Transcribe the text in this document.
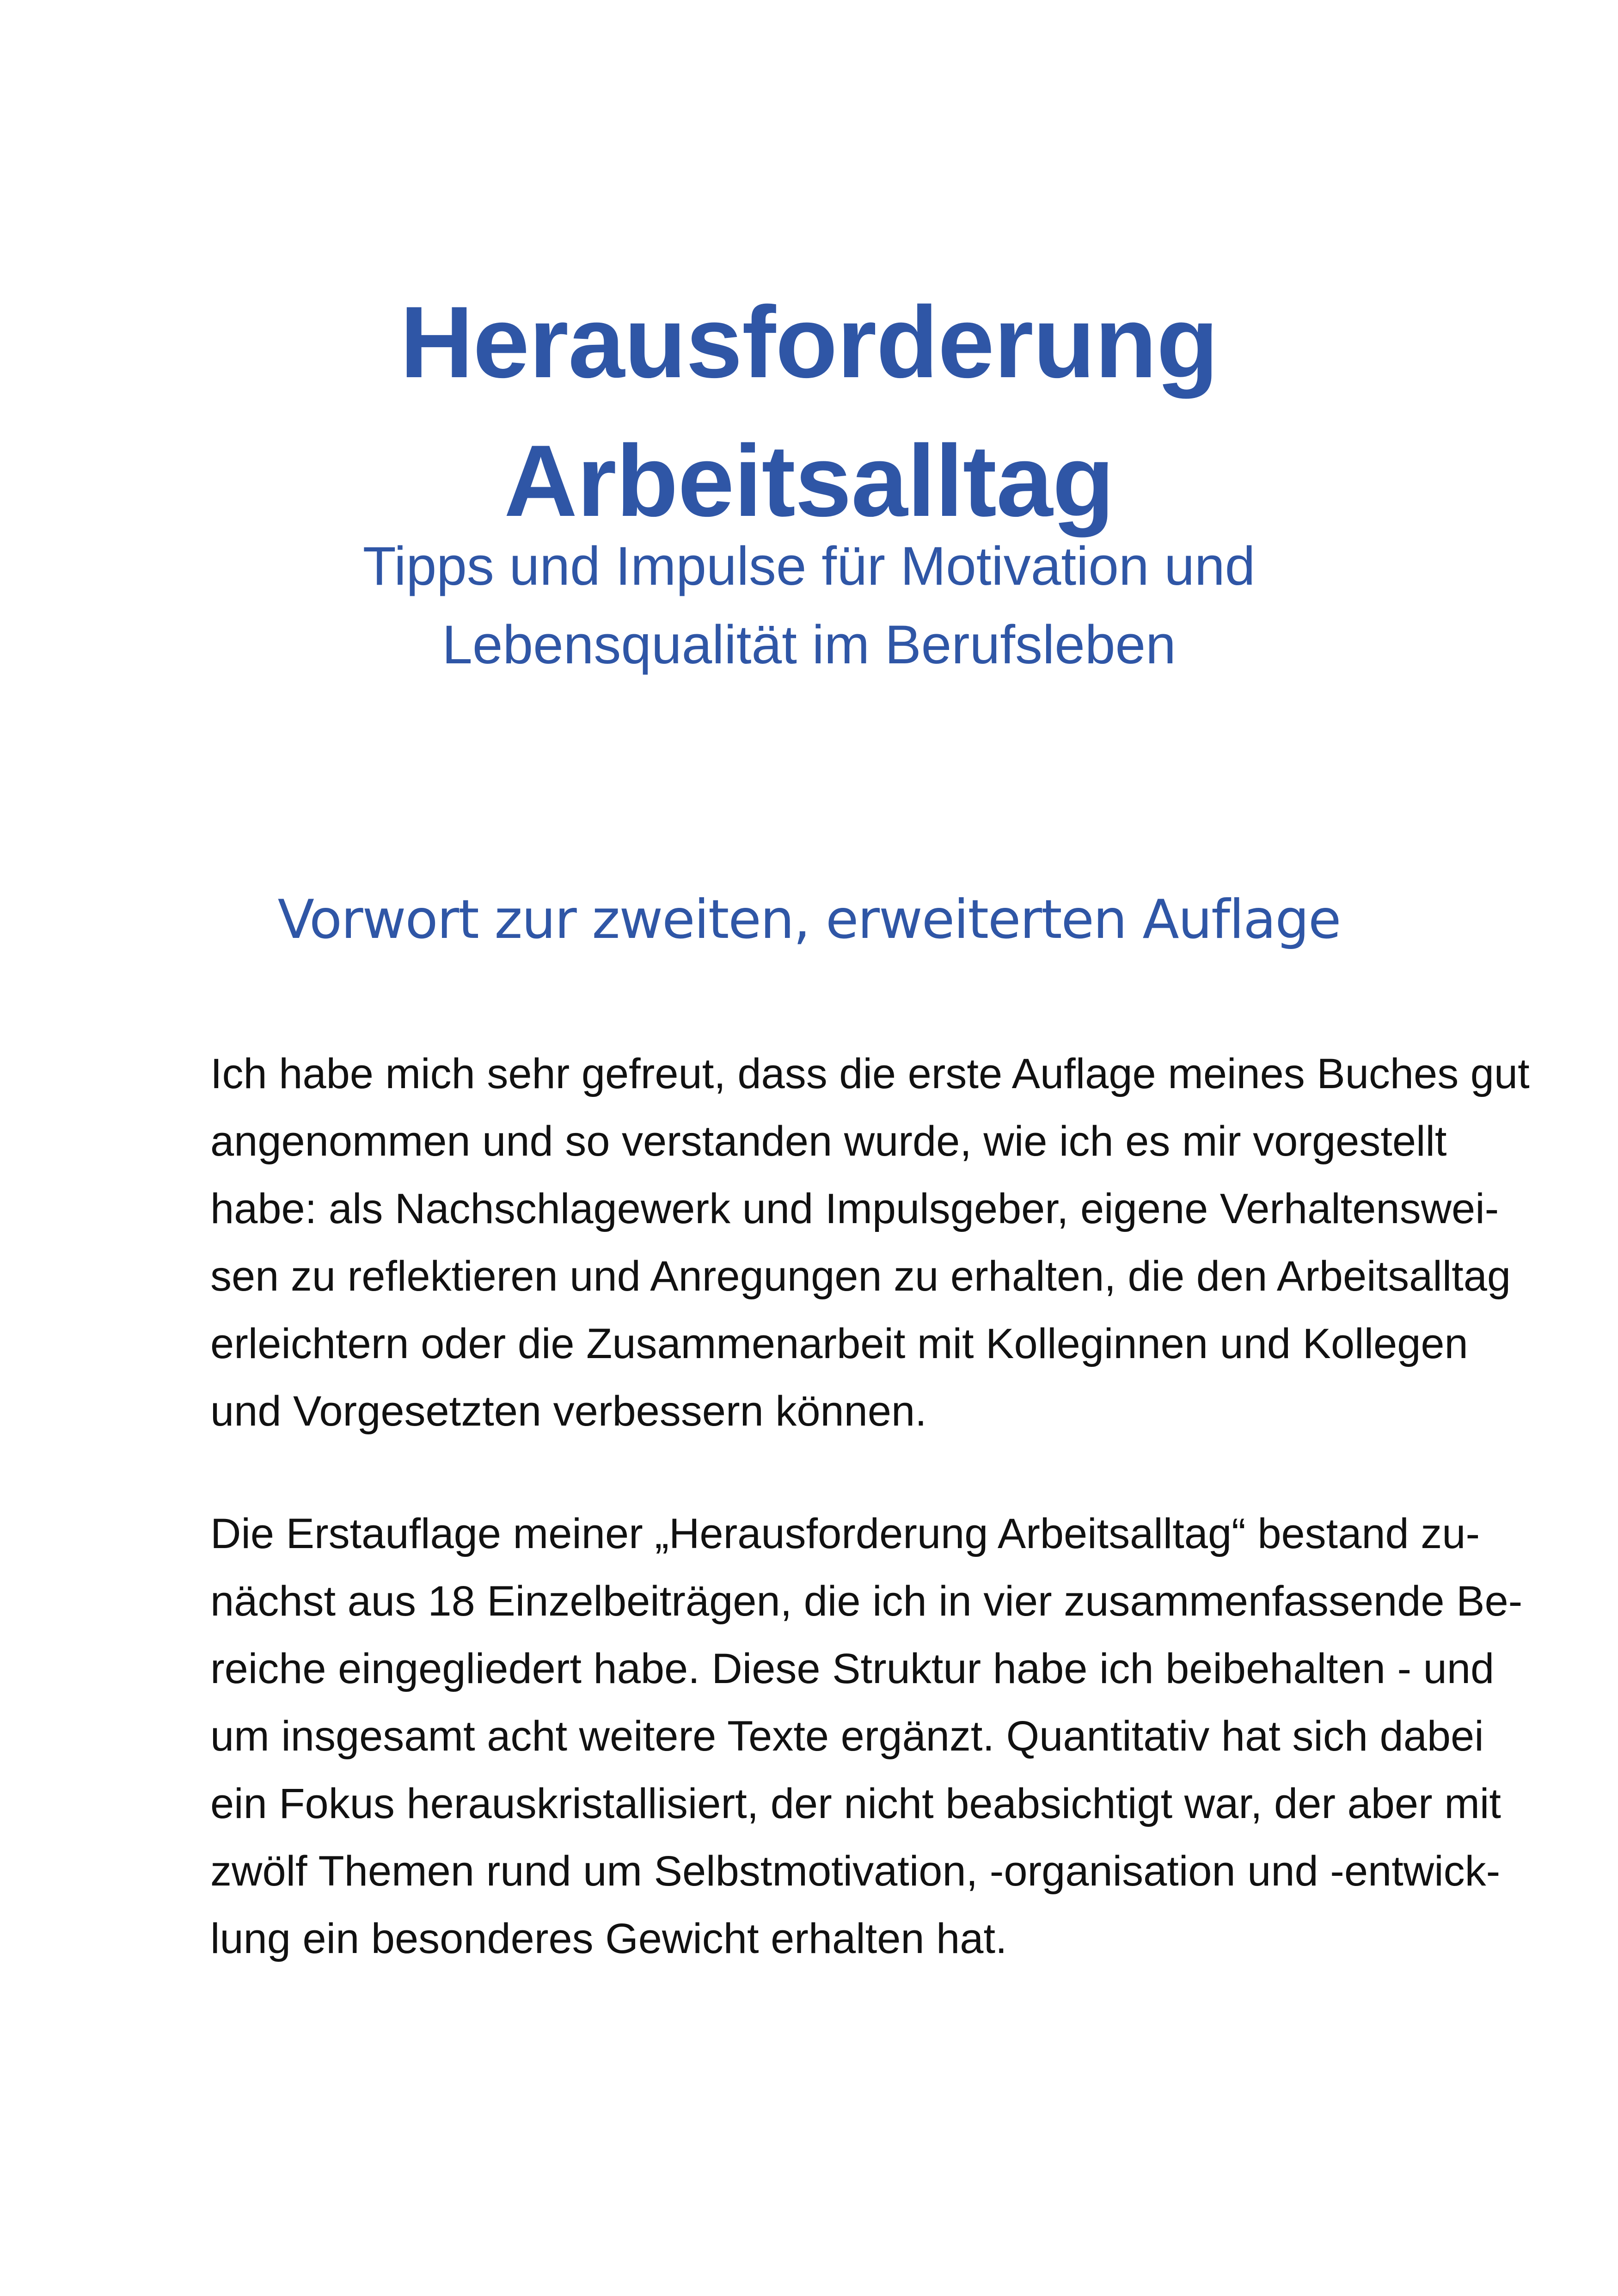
Herausforderung
Arbeitsalltag
Tipps und Impulse für Motivation und
Lebensqualität im Berufsleben
Vorwort zur zweiten, erweiterten Auflage
Ich habe mich sehr gefreut, dass die erste Auflage meines Buches gut
angenommen und so verstanden wurde, wie ich es mir vorgestellt
habe: als Nachschlagewerk und Impulsgeber, eigene Verhaltenswei-
sen zu reflektieren und Anregungen zu erhalten, die den Arbeitsalltag
erleichtern oder die Zusammenarbeit mit Kolleginnen und Kollegen
und Vorgesetzten verbessern können.
Die Erstauflage meiner „Herausforderung Arbeitsalltag“ bestand zu-
nächst aus 18 Einzelbeiträgen, die ich in vier zusammenfassende Be-
reiche eingegliedert habe. Diese Struktur habe ich beibehalten - und
um insgesamt acht weitere Texte ergänzt. Quantitativ hat sich dabei
ein Fokus herauskristallisiert, der nicht beabsichtigt war, der aber mit
zwölf Themen rund um Selbstmotivation, -organisation und -entwick-
lung ein besonderes Gewicht erhalten hat.
